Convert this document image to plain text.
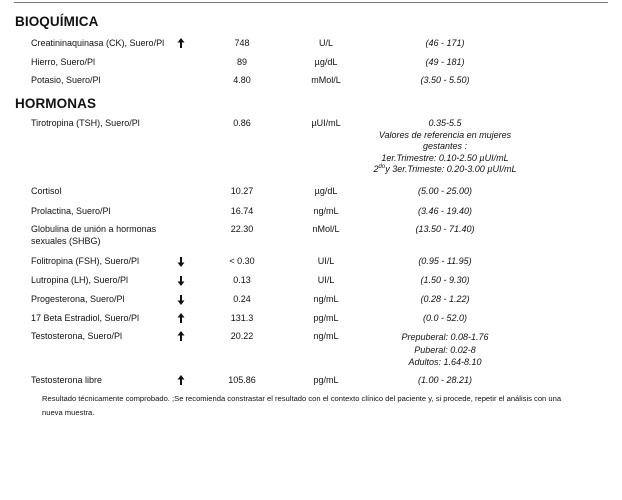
BIOQUÍMICA
Creatininaquinasa (CK), Suero/Pl	748	U/L	(46 - 171)
Hierro, Suero/Pl	89	µg/dL	(49 - 181)
Potasio, Suero/Pl	4.80	mMol/L	(3.50 - 5.50)
HORMONAS
Tirotropina (TSH), Suero/Pl	0.86	µUI/mL	0.35-5.5
Valores de referencia en mujeres
gestantes :
1er.Trimestre: 0.10-2.50 µUI/mL
$2^{do}y$ 3er.Trimeste: 0.20-3.00 µUI/mL
Cortisol	10.27	µg/dL	(5.00 - 25.00)
Prolactina, Suero/Pl	16.74	ng/mL	(3.46 - 19.40)
Globulina de unión a hormonas sexuales (SHBG)
22.30	nMol/L	(13.50 - 71.40)
Folitropina (FSH), Suero/Pl	< 0.30	UI/L	(0.95 - 11.95)
Lutropina (LH), Suero/Pl	0.13	UI/L	(1.50 - 9.30)
Progesterona, Suero/Pl	0.24	ng/mL	(0.28 - 1.22)
17 Beta Estradiol, Suero/Pl	131.3	pg/mL	(0.0 - 52.0)
Testosterona, Suero/Pl	20.22	ng/mL	Prepuberal: 0.08-1.76
Puberal: 0.02-8
Adultos: 1.64-8.10
Testosterona libre	105.86	pg/mL	(1.00 - 28.21)
Resultado técnicamente comprobado. ;Se recomienda constrastar el resultado con el contexto clínico del paciente y, si procede, repetir el análisis con una nueva muestra.
